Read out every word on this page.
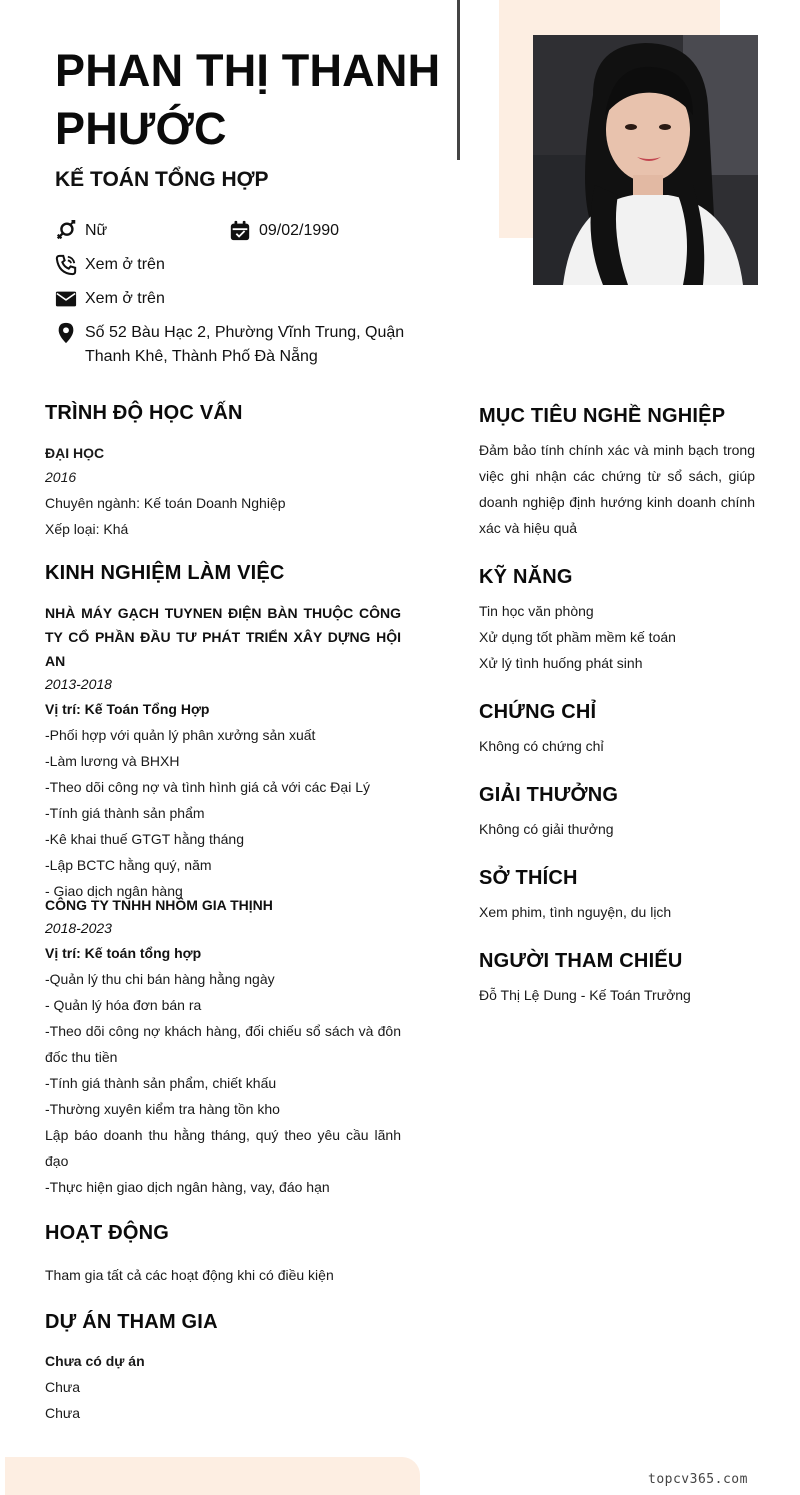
PHAN THỊ THANH PHƯỚC
KẾ TOÁN TỔNG HỢP
Nữ	09/02/1990
Xem ở trên
Xem ở trên
Số 52 Bàu Hạc 2, Phường Vĩnh Trung, Quận Thanh Khê, Thành Phố Đà Nẵng
TRÌNH ĐỘ HỌC VẤN
ĐẠI HỌC
2016
Chuyên ngành: Kế toán Doanh Nghiệp
Xếp loại: Khá
KINH NGHIỆM LÀM VIỆC
NHÀ MÁY GẠCH TUYNEN ĐIỆN BÀN THUỘC CÔNG TY CỔ PHẦN ĐẦU TƯ PHÁT TRIỂN XÂY DỰNG HỘI AN
2013-2018
Vị trí: Kế Toán Tổng Hợp
-Phối hợp với quản lý phân xưởng sản xuất
-Làm lương và BHXH
-Theo dõi công nợ và tình hình giá cả với các Đại Lý
-Tính giá thành sản phẩm
-Kê khai thuế GTGT hằng tháng
-Lập BCTC hằng quý, năm
- Giao dịch ngân hàng
CÔNG TY TNHH NHÔM GIA THỊNH
2018-2023
Vị trí: Kế toán tổng hợp
-Quản lý thu chi bán hàng hằng ngày
- Quản lý hóa đơn bán ra
-Theo dõi công nợ khách hàng, đối chiếu sổ sách và đôn đốc thu tiền
-Tính giá thành sản phẩm, chiết khấu
-Thường xuyên kiểm tra hàng tồn kho
Lập báo doanh thu hằng tháng, quý theo yêu cầu lãnh đạo
-Thực hiện giao dịch ngân hàng, vay, đáo hạn
HOẠT ĐỘNG
Tham gia tất cả các hoạt động khi có điều kiện
DỰ ÁN THAM GIA
Chưa có dự án
Chưa
Chưa
MỤC TIÊU NGHỀ NGHIỆP
Đảm bảo tính chính xác và minh bạch trong việc ghi nhận các chứng từ sổ sách, giúp doanh nghiệp định hướng kinh doanh chính xác và hiệu quả
KỸ NĂNG
Tin học văn phòng
Xử dụng tốt phầm mềm kế toán
Xử lý tình huống phát sinh
CHỨNG CHỈ
Không có chứng chỉ
GIẢI THƯỞNG
Không có giải thưởng
SỞ THÍCH
Xem phim, tình nguyện, du lịch
NGƯỜI THAM CHIẾU
Đỗ Thị Lệ Dung - Kế Toán Trưởng
topcv365.com
